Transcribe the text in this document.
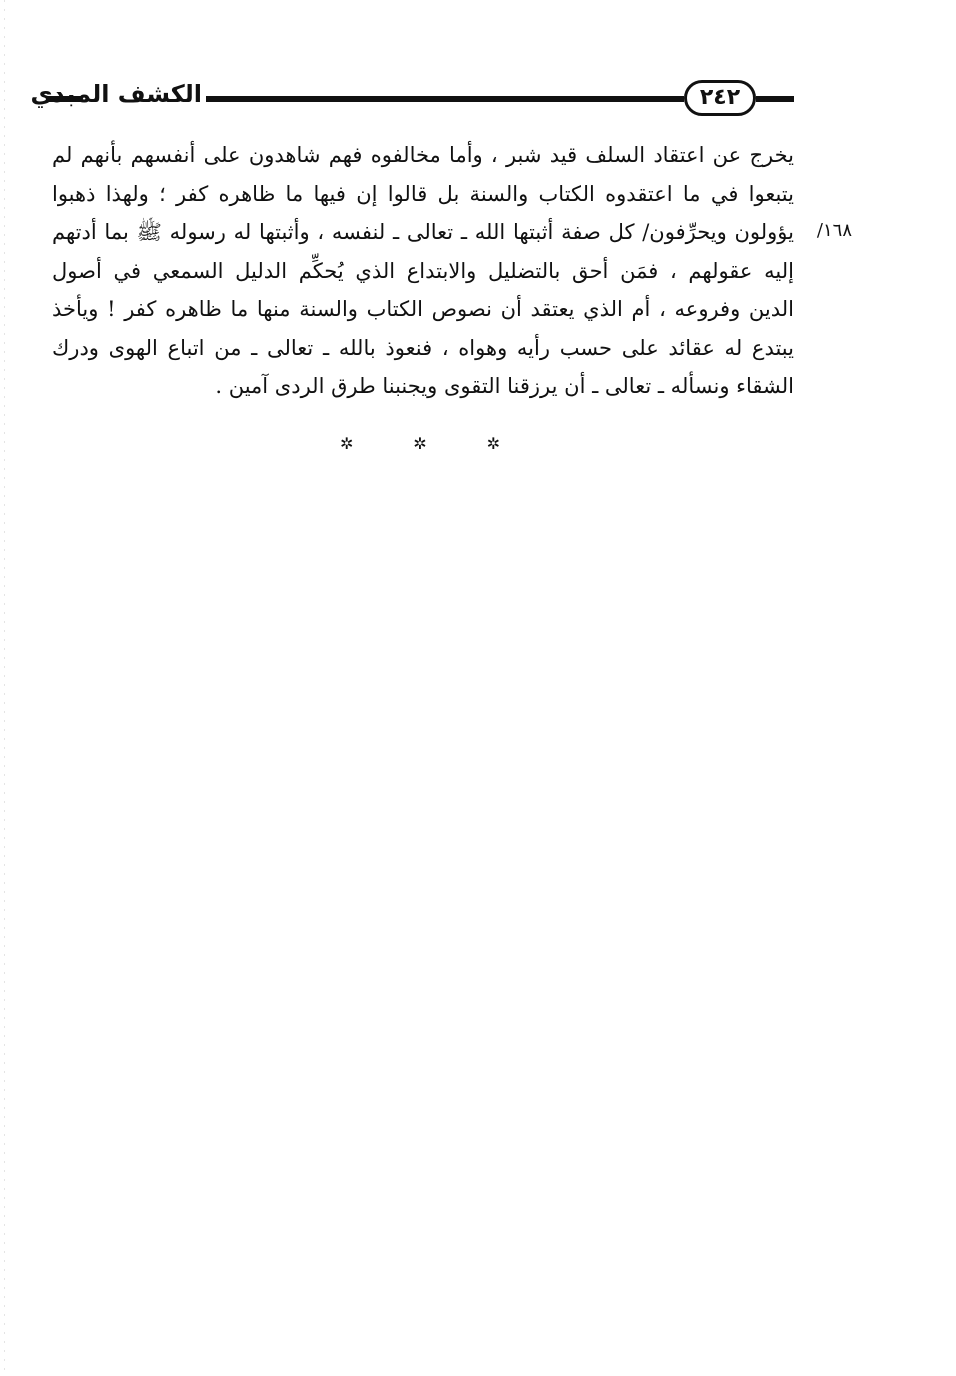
الكشف المبدي	٢٤٢
١٦٨/
يخرج عن اعتقاد السلف قيد شبر ، وأما مخالفوه فهم شاهدون على أنفسهم بأنهم لم
يتبعوا في ما اعتقدوه الكتاب والسنة بل قالوا إن فيها ما ظاهره كفر ؛ ولهذا ذهبوا
يؤولون ويحرِّفون/ كل صفة أثبتها الله ـ تعالى ـ لنفسه ، وأثبتها له رسوله ﷺ بما أدتهم
إليه عقولهم ، فمَن أحق بالتضليل والابتداع الذي يُحكِّم الدليل السمعي في أصول
الدين وفروعه ، أم الذي يعتقد أن نصوص الكتاب والسنة منها ما ظاهره كفر ! ويأخذ
يبتدع له عقائد على حسب رأيه وهواه ، فنعوذ بالله ـ تعالى ـ من اتباع الهوى ودرك
الشقاء ونسأله ـ تعالى ـ أن يرزقنا التقوى ويجنبنا طرق الردى آمين .
✲	✲	✲
